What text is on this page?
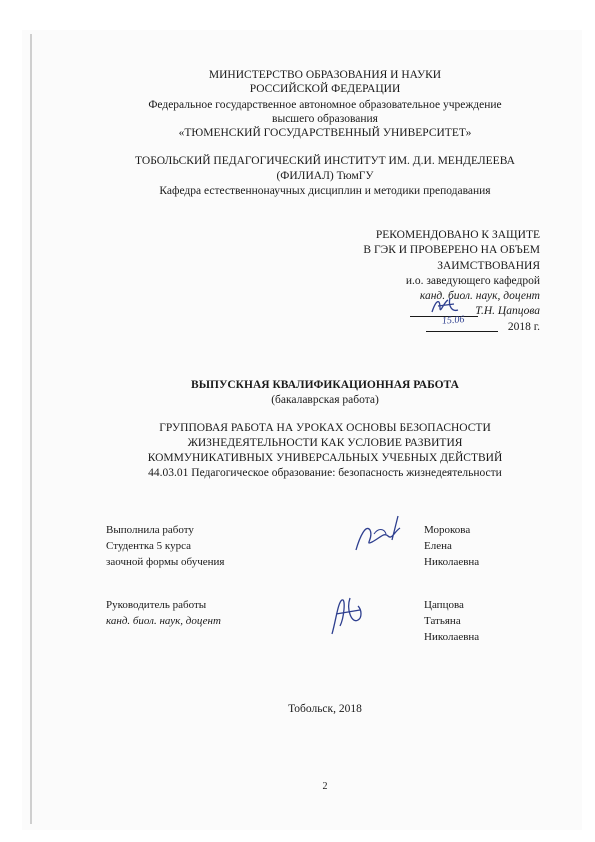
МИНИСТЕРСТВО ОБРАЗОВАНИЯ И НАУКИ
РОССИЙСКОЙ ФЕДЕРАЦИИ
Федеральное государственное автономное образовательное учреждение
высшего образования
«ТЮМЕНСКИЙ ГОСУДАРСТВЕННЫЙ УНИВЕРСИТЕТ»
ТОБОЛЬСКИЙ ПЕДАГОГИЧЕСКИЙ ИНСТИТУТ ИМ. Д.И. МЕНДЕЛЕЕВА
(ФИЛИАЛ) ТюмГУ
Кафедра естественнонаучных дисциплин и методики преподавания
РЕКОМЕНДОВАНО К ЗАЩИТЕ
В ГЭК И ПРОВЕРЕНО НА ОБЪЕМ
ЗАИМСТВОВАНИЯ
и.о. заведующего кафедрой
канд. биол. наук, доцент
Т.Н. Цапцова
2018 г.
15.06
ВЫПУСКНАЯ КВАЛИФИКАЦИОННАЯ РАБОТА
(бакалаврская работа)
ГРУППОВАЯ РАБОТА НА УРОКАХ ОСНОВЫ БЕЗОПАСНОСТИ
ЖИЗНЕДЕЯТЕЛЬНОСТИ КАК УСЛОВИЕ РАЗВИТИЯ
КОММУНИКАТИВНЫХ УНИВЕРСАЛЬНЫХ УЧЕБНЫХ ДЕЙСТВИЙ
44.03.01 Педагогическое образование: безопасность жизнедеятельности
Выполнила работу
Студентка 5 курса
заочной формы обучения
Морокова
Елена
Николаевна
Руководитель работы
канд. биол. наук, доцент
Цапцова
Татьяна
Николаевна
Тобольск, 2018
2
